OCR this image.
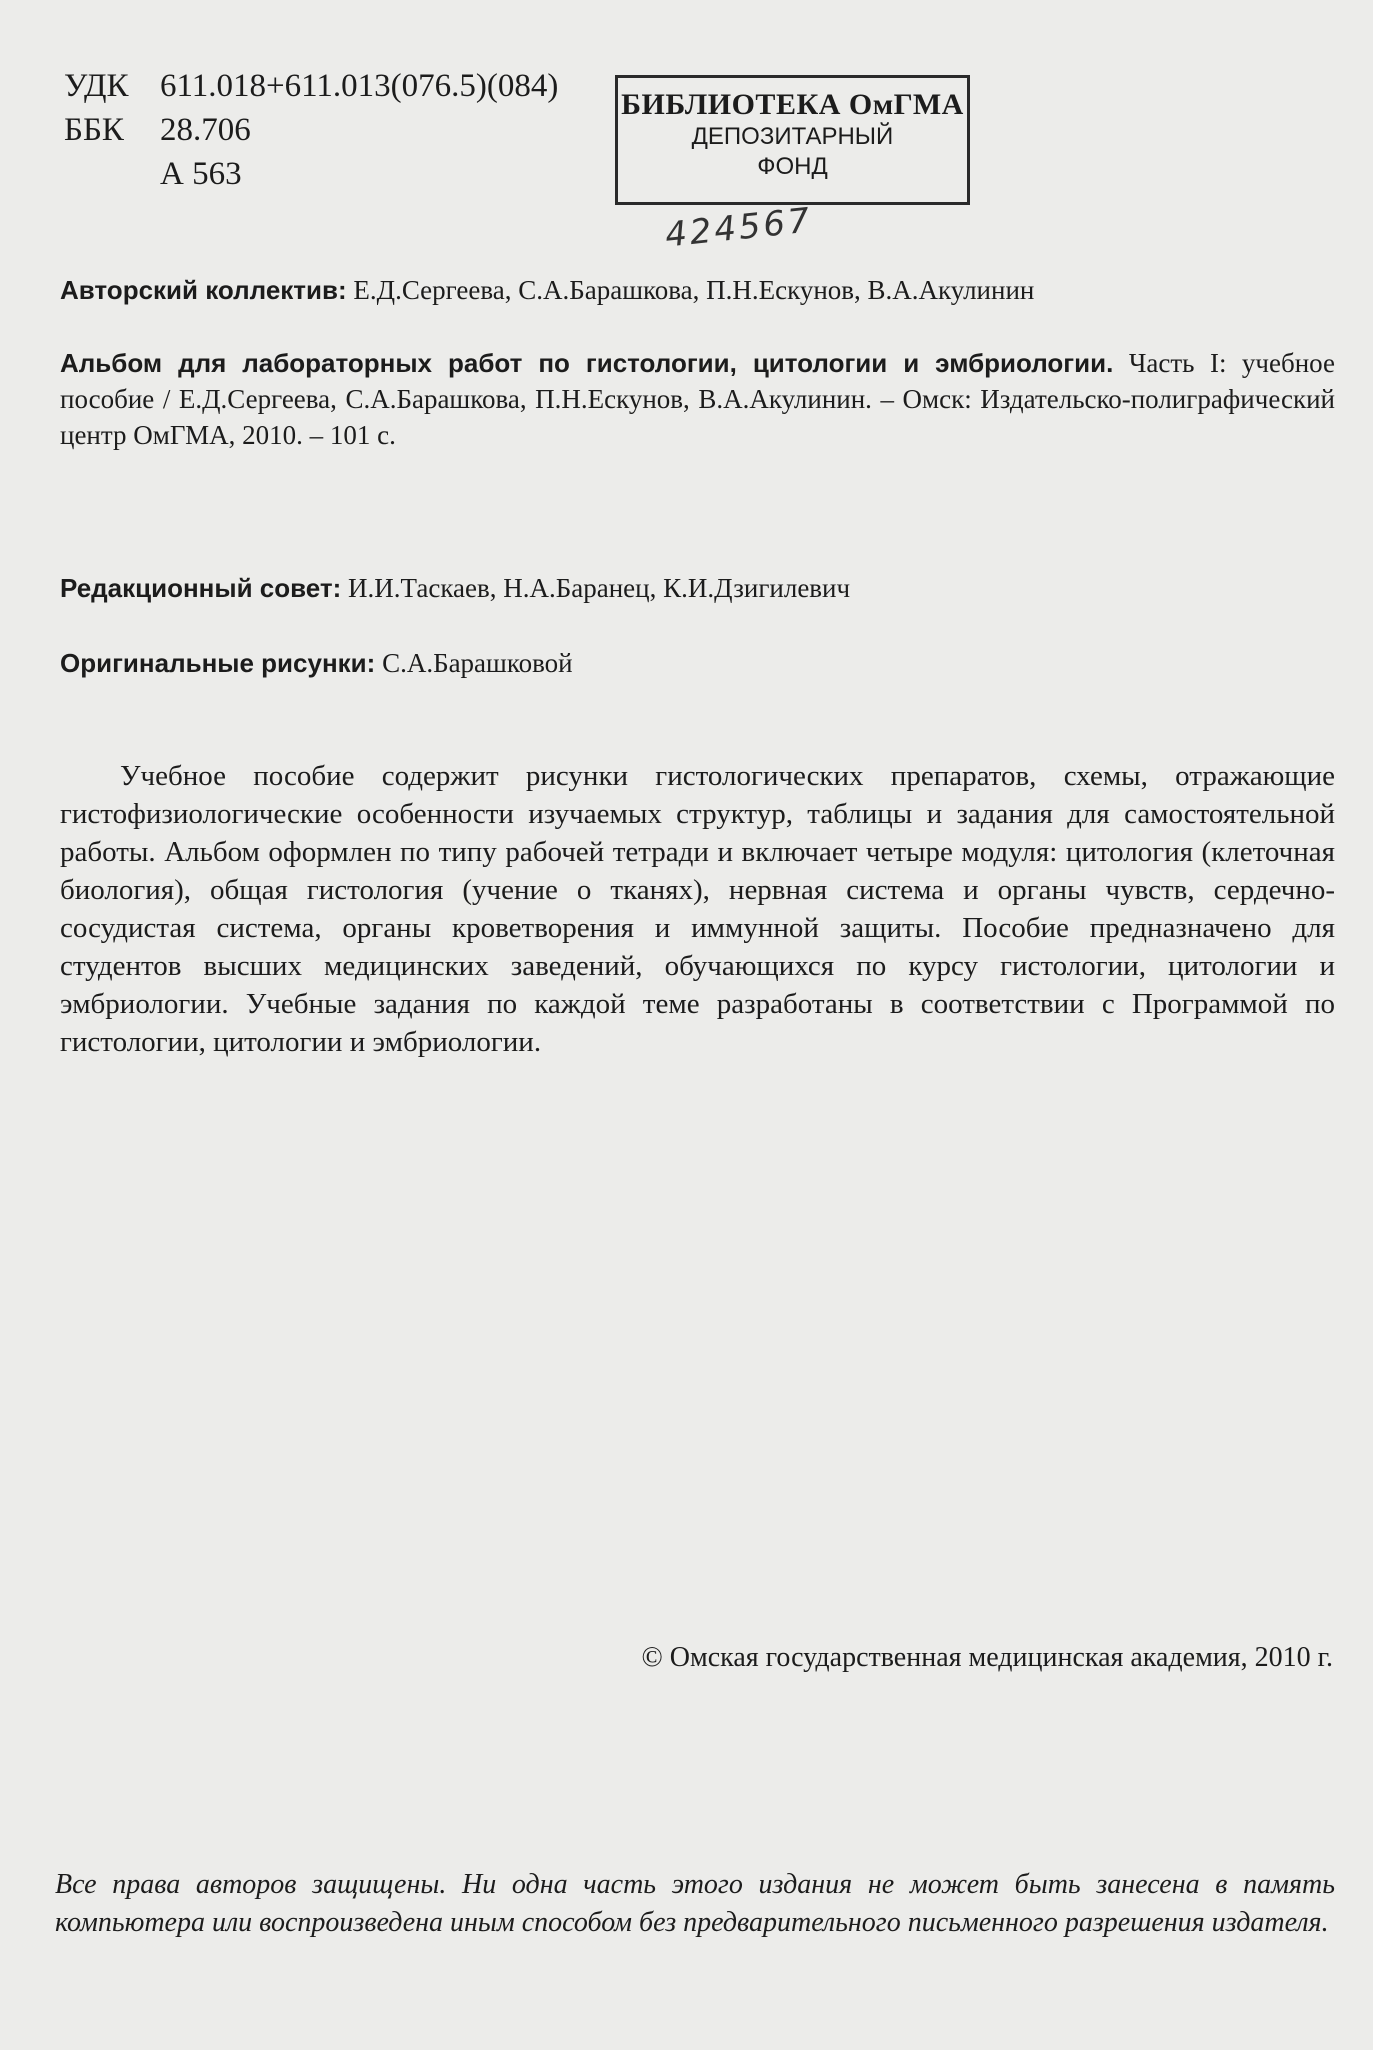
УДК 611.018+611.013(076.5)(084)
ББК 28.706
А 563
БИБЛИОТЕКА ОмГМА
ДЕПОЗИТАРНЫЙ
ФОНД
424567
Авторский коллектив: Е.Д.Сергеева, С.А.Барашкова, П.Н.Ескунов, В.А.Акулинин
Альбом для лабораторных работ по гистологии, цитологии и эмбриологии. Часть I: учебное пособие / Е.Д.Сергеева, С.А.Барашкова, П.Н.Ескунов, В.А.Акулинин. – Омск: Издательско-полиграфический центр ОмГМА, 2010. – 101 с.
Редакционный совет: И.И.Таскаев, Н.А.Баранец, К.И.Дзигилевич
Оригинальные рисунки: С.А.Барашковой

Учебное пособие содержит рисунки гистологических препаратов, схемы, отражающие гистофизиологические особенности изучаемых структур, таблицы и задания для самостоятельной работы. Альбом оформлен по типу рабочей тетради и включает четыре модуля: цитология (клеточная биология), общая гистология (учение о тканях), нервная система и органы чувств, сердечно-сосудистая система, органы кроветворения и иммунной защиты. Пособие предназначено для студентов высших медицинских заведений, обучающихся по курсу гистологии, цитологии и эмбриологии. Учебные задания по каждой теме разработаны в соответствии с Программой по гистологии, цитологии и эмбриологии.

© Омская государственная медицинская академия, 2010 г.

Все права авторов защищены. Ни одна часть этого издания не может быть занесена в память компьютера или воспроизведена иным способом без предварительного письменного разрешения издателя.
